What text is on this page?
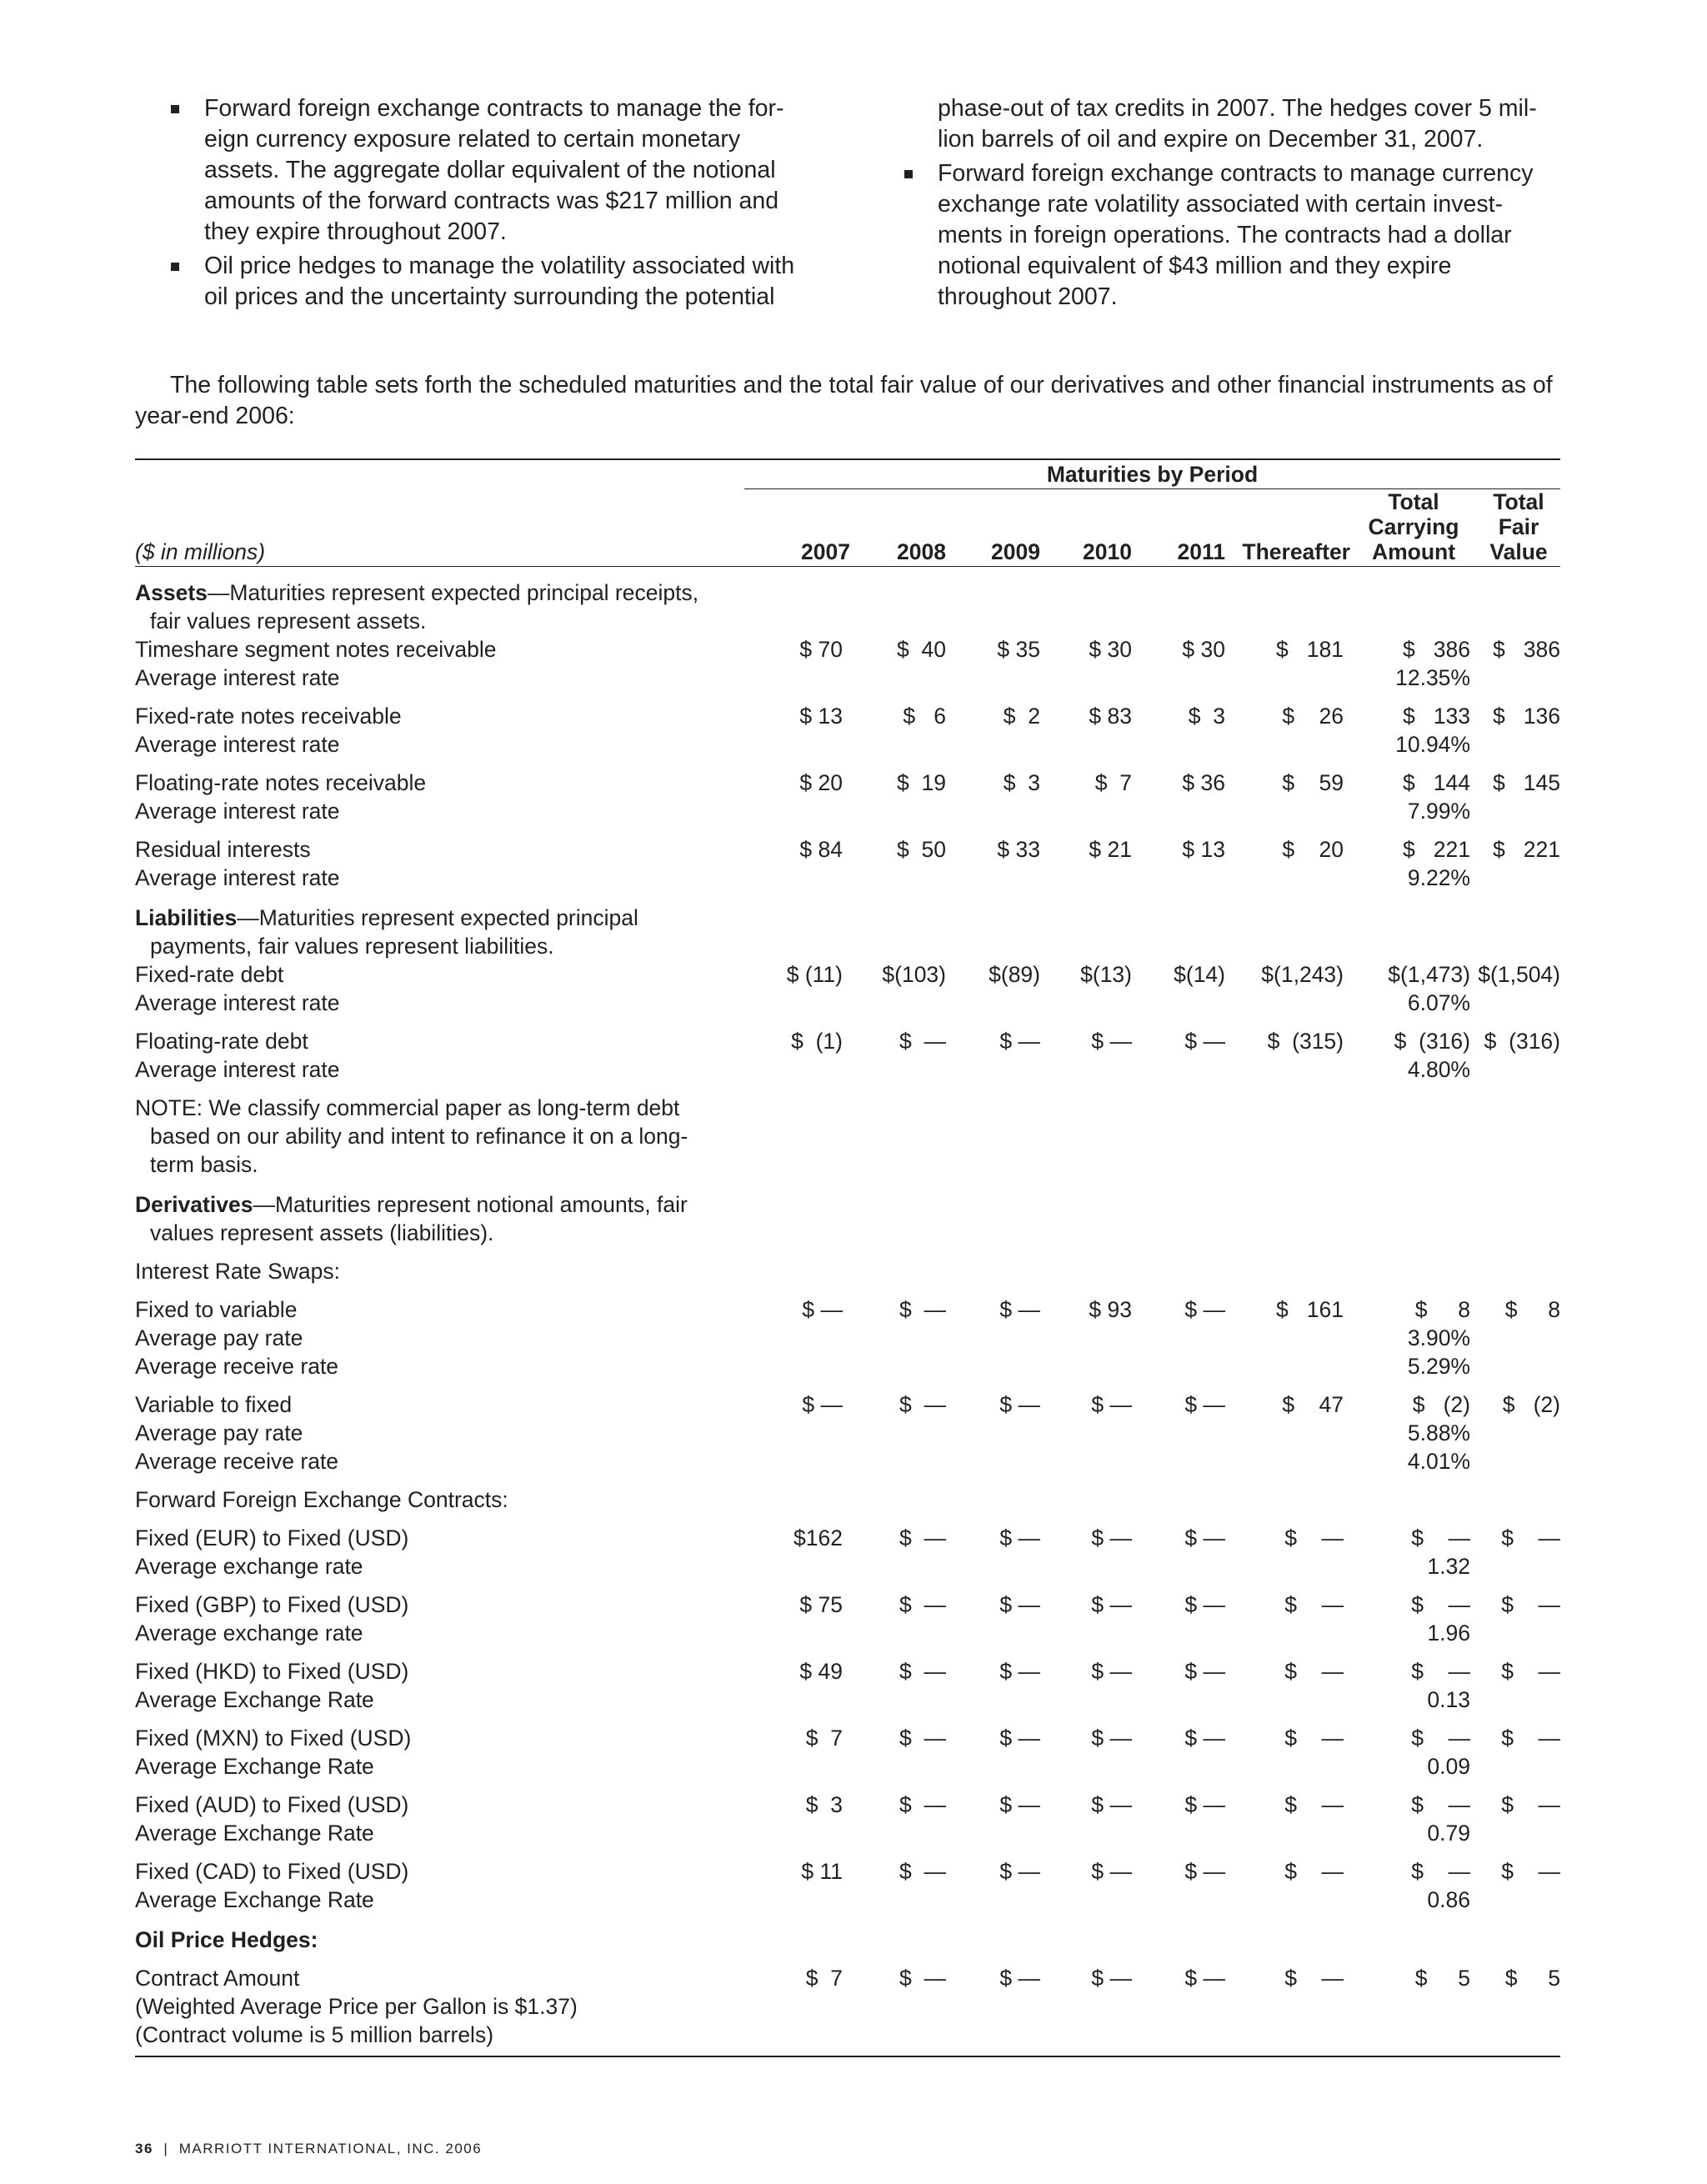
Forward foreign exchange contracts to manage the for-eign currency exposure related to certain monetary assets. The aggregate dollar equivalent of the notional amounts of the forward contracts was $217 million and they expire throughout 2007.
Oil price hedges to manage the volatility associated with oil prices and the uncertainty surrounding the potential
phase-out of tax credits in 2007. The hedges cover 5 mil-lion barrels of oil and expire on December 31, 2007.
Forward foreign exchange contracts to manage currency exchange rate volatility associated with certain invest-ments in foreign operations. The contracts had a dollar notional equivalent of $43 million and they expire throughout 2007.
The following table sets forth the scheduled maturities and the total fair value of our derivatives and other financial instruments as of year-end 2006:

	Maturities by Period							
($ in millions)	2007	2008	2009	2010	2011	Thereafter	Total
Carrying
Amount	Total
Fair
Value

Assets—Maturities represent expected principal receipts, fair values represent assets.								

Timeshare segment notes receivable	$ 70	$  40	$ 35	$ 30	$ 30	$   181	$   386	$   386
Average interest rate							12.35%	
Fixed-rate notes receivable	$ 13	$   6	$  2	$ 83	$  3	$    26	$   133	$   136
Average interest rate							10.94%	
Floating-rate notes receivable	$ 20	$  19	$  3	$  7	$ 36	$    59	$   144	$   145
Average interest rate							7.99%	
Residual interests	$ 84	$  50	$ 33	$ 21	$ 13	$    20	$   221	$   221
Average interest rate							9.22%	

Liabilities—Maturities represent expected principal payments, fair values represent liabilities.								

Fixed-rate debt	$ (11)	$(103)	$(89)	$(13)	$(14)	$(1,243)	$(1,473)	$(1,504)
Average interest rate							6.07%	
Floating-rate debt	$  (1)	$  —	$ —	$ —	$ —	$  (315)	$  (316)	$  (316)
Average interest rate							4.80%	

NOTE: We classify commercial paper as long-term debt based on our ability and intent to refinance it on a long-term basis.								

Derivatives—Maturities represent notional amounts, fair values represent assets (liabilities).								

Interest Rate Swaps:								
Fixed to variable	$ —	$  —	$ —	$ 93	$ —	$   161	$     8	$     8
Average pay rate							3.90%	
Average receive rate							5.29%	
Variable to fixed	$ —	$  —	$ —	$ —	$ —	$    47	$   (2)	$   (2)
Average pay rate							5.88%	
Average receive rate							4.01%	
Forward Foreign Exchange Contracts:								
Fixed (EUR) to Fixed (USD)	$162	$  —	$ —	$ —	$ —	$    —	$    —	$    —
Average exchange rate							1.32	
Fixed (GBP) to Fixed (USD)	$ 75	$  —	$ —	$ —	$ —	$    —	$    —	$    —
Average exchange rate							1.96	
Fixed (HKD) to Fixed (USD)	$ 49	$  —	$ —	$ —	$ —	$    —	$    —	$    —
Average Exchange Rate							0.13	
Fixed (MXN) to Fixed (USD)	$  7	$  —	$ —	$ —	$ —	$    —	$    —	$    —
Average Exchange Rate							0.09	
Fixed (AUD) to Fixed (USD)	$  3	$  —	$ —	$ —	$ —	$    —	$    —	$    —
Average Exchange Rate							0.79	
Fixed (CAD) to Fixed (USD)	$ 11	$  —	$ —	$ —	$ —	$    —	$    —	$    —
Average Exchange Rate							0.86	
Oil Price Hedges:								
Contract Amount	$  7	$  —	$ —	$ —	$ —	$    —	$     5	$     5
(Weighted Average Price per Gallon is $1.37)								
(Contract volume is 5 million barrels)								

36 | MARRIOTT INTERNATIONAL, INC. 2006
